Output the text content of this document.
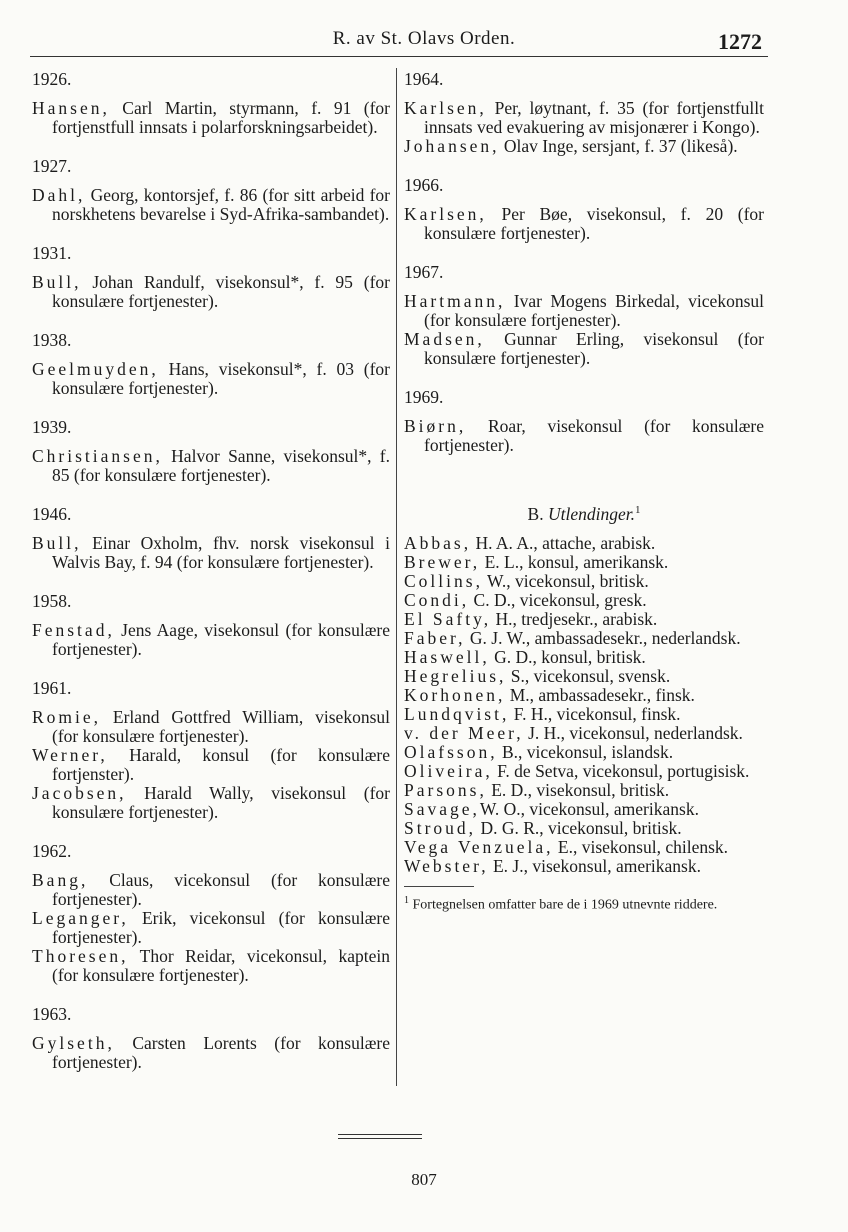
R. av St. Olavs Orden.	1272
1926.
Hansen, Carl Martin, styrmann, f. 91 (for fortjenstfull innsats i polarforskningsarbeidet).
1927.
Dahl, Georg, kontorsjef, f. 86 (for sitt arbeid for norskhetens bevarelse i Syd-Afrika-sambandet).
1931.
Bull, Johan Randulf, visekonsul*, f. 95 (for konsulære fortjenester).
1938.
Geelmuyden, Hans, visekonsul*, f. 03 (for konsulære fortjenester).
1939.
Christiansen, Halvor Sanne, visekonsul*, f. 85 (for konsulære fortjenester).
1946.
Bull, Einar Oxholm, fhv. norsk visekonsul i Walvis Bay, f. 94 (for konsulære fortjenester).
1958.
Fenstad, Jens Aage, visekonsul (for konsulære fortjenester).
1961.
Romie, Erland Gottfred William, visekonsul (for konsulære fortjenester).
Werner, Harald, konsul (for konsulære fortjenster).
Jacobsen, Harald Wally, visekonsul (for konsulære fortjenester).
1962.
Bang, Claus, vicekonsul (for konsulære fortjenester).
Leganger, Erik, vicekonsul (for konsulære fortjenester).
Thoresen, Thor Reidar, vicekonsul, kaptein (for konsulære fortjenester).
1963.
Gylseth, Carsten Lorents (for konsulære fortjenester).
1964.
Karlsen, Per, løytnant, f. 35 (for fortjenstfullt innsats ved evakuering av misjonærer i Kongo).
Johansen, Olav Inge, sersjant, f. 37 (likeså).
1966.
Karlsen, Per Bøe, visekonsul, f. 20 (for konsulære fortjenester).
1967.
Hartmann, Ivar Mogens Birkedal, vicekonsul (for konsulære fortjenester).
Madsen, Gunnar Erling, visekonsul (for konsulære fortjenester).
1969.
Biørn, Roar, visekonsul (for konsulære fortjenester).
B. Utlendinger.$^1$
Abbas, H. A. A., attache, arabisk.
Brewer, E. L., konsul, amerikansk.
Collins, W., vicekonsul, britisk.
Condi, C. D., vicekonsul, gresk.
El Safty, H., tredjesekr., arabisk.
Faber, G. J. W., ambassadesekr., nederlandsk.
Haswell, G. D., konsul, britisk.
Hegrelius, S., vicekonsul, svensk.
Korhonen, M., ambassadesekr., finsk.
Lundqvist, F. H., vicekonsul, finsk.
v. der Meer, J. H., vicekonsul, nederlandsk.
Olafsson, B., vicekonsul, islandsk.
Oliveira, F. de Setva, vicekonsul, portugisisk.
Parsons, E. D., visekonsul, britisk.
Savage,W. O., vicekonsul, amerikansk.
Stroud, D. G. R., vicekonsul, britisk.
Vega Venzuela, E., visekonsul, chilensk.
Webster, E. J., visekonsul, amerikansk.
$^1$ Fortegnelsen omfatter bare de i 1969 utnevnte riddere.
807
